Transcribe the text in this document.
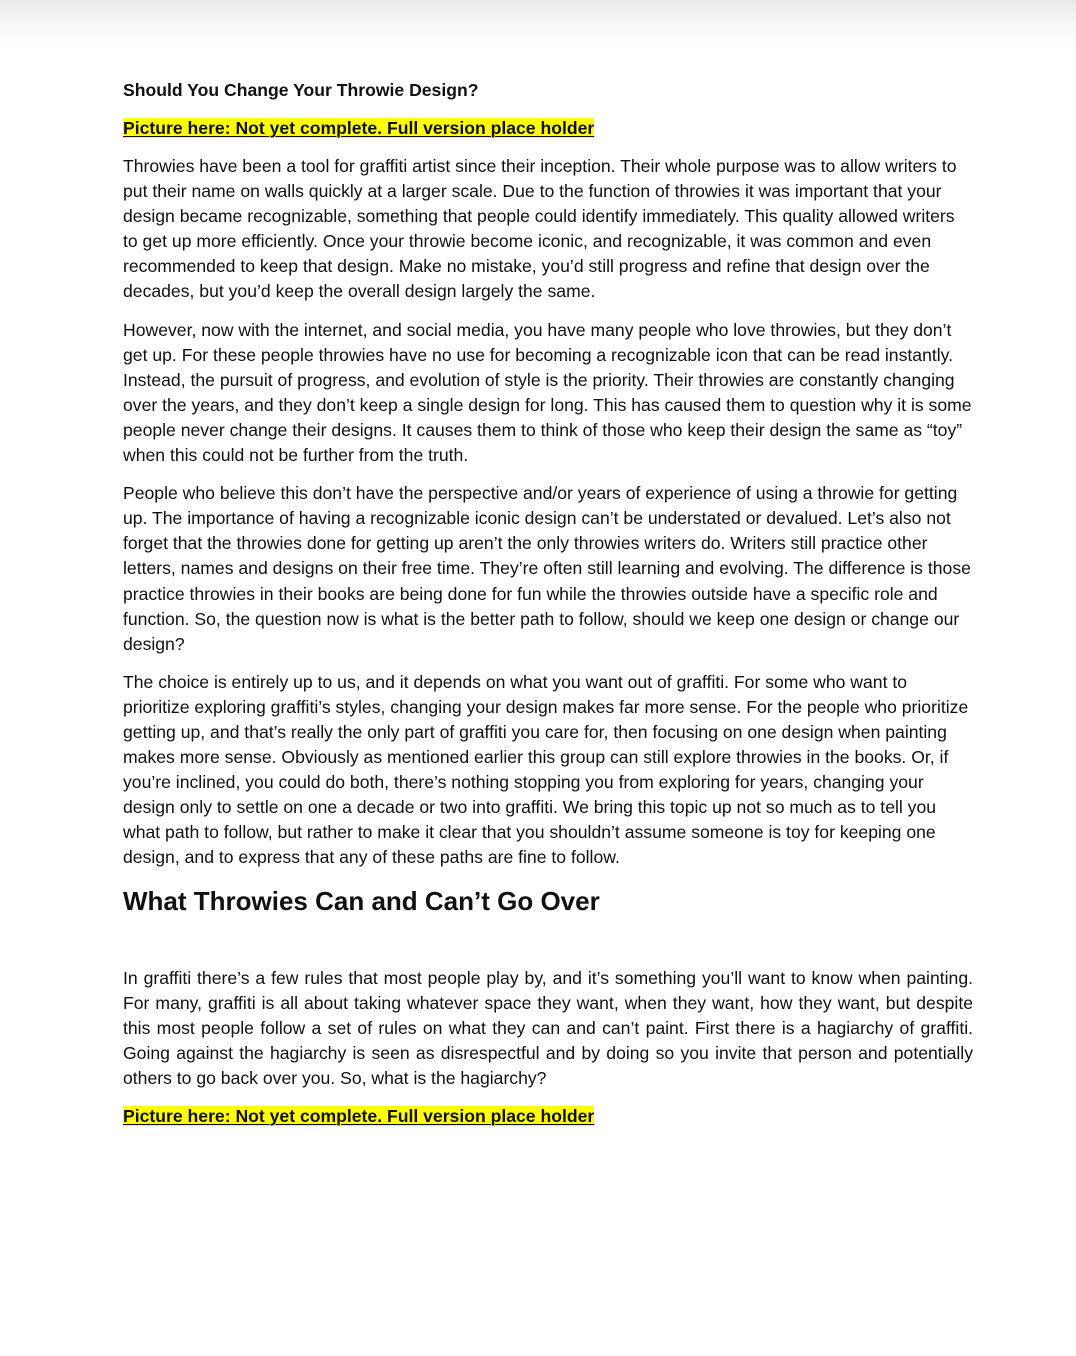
Should You Change Your Throwie Design?
Picture here: Not yet complete. Full version place holder

Throwies have been a tool for graffiti artist since their inception. Their whole purpose was to allow writers to put their name on walls quickly at a larger scale. Due to the function of throwies it was important that your design became recognizable, something that people could identify immediately. This quality allowed writers to get up more efficiently. Once your throwie become iconic, and recognizable, it was common and even recommended to keep that design. Make no mistake, you’d still progress and refine that design over the decades, but you’d keep the overall design largely the same.

However, now with the internet, and social media, you have many people who love throwies, but they don’t get up. For these people throwies have no use for becoming a recognizable icon that can be read instantly. Instead, the pursuit of progress, and evolution of style is the priority. Their throwies are constantly changing over the years, and they don’t keep a single design for long. This has caused them to question why it is some people never change their designs. It causes them to think of those who keep their design the same as “toy” when this could not be further from the truth.

People who believe this don’t have the perspective and/or years of experience of using a throwie for getting up. The importance of having a recognizable iconic design can’t be understated or devalued. Let’s also not forget that the throwies done for getting up aren’t the only throwies writers do. Writers still practice other letters, names and designs on their free time. They’re often still learning and evolving. The difference is those practice throwies in their books are being done for fun while the throwies outside have a specific role and function. So, the question now is what is the better path to follow, should we keep one design or change our design?

The choice is entirely up to us, and it depends on what you want out of graffiti. For some who want to prioritize exploring graffiti’s styles, changing your design makes far more sense. For the people who prioritize getting up, and that’s really the only part of graffiti you care for, then focusing on one design when painting makes more sense. Obviously as mentioned earlier this group can still explore throwies in the books. Or, if you’re inclined, you could do both, there’s nothing stopping you from exploring for years, changing your design only to settle on one a decade or two into graffiti. We bring this topic up not so much as to tell you what path to follow, but rather to make it clear that you shouldn’t assume someone is toy for keeping one design, and to express that any of these paths are fine to follow.

What Throwies Can and Can’t Go Over

In graffiti there’s a few rules that most people play by, and it’s something you’ll want to know when painting. For many, graffiti is all about taking whatever space they want, when they want, how they want, but despite this most people follow a set of rules on what they can and can’t paint. First there is a hagiarchy of graffiti. Going against the hagiarchy is seen as disrespectful and by doing so you invite that person and potentially others to go back over you. So, what is the hagiarchy?

Picture here: Not yet complete. Full version place holder
